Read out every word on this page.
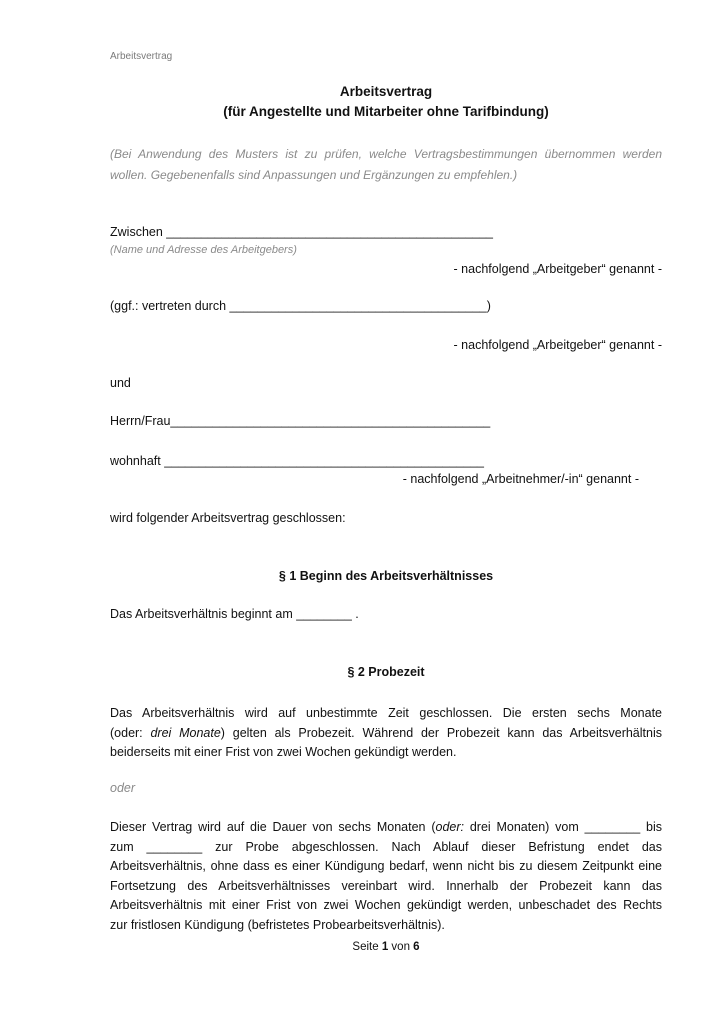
Arbeitsvertrag
Arbeitsvertrag
(für Angestellte und Mitarbeiter ohne Tarifbindung)
(Bei Anwendung des Musters ist zu prüfen, welche Vertragsbestimmungen übernommen werden
wollen. Gegebenenfalls sind Anpassungen und Ergänzungen zu empfehlen.)
Zwischen _______________________________________________
(Name und Adresse des Arbeitgebers)
- nachfolgend „Arbeitgeber“ genannt -
(ggf.: vertreten durch _____________________________________)
- nachfolgend „Arbeitgeber“ genannt -
und
Herrn/Frau______________________________________________
wohnhaft ______________________________________________
- nachfolgend „Arbeitnehmer/-in“ genannt -
wird folgender Arbeitsvertrag geschlossen:
§ 1 Beginn des Arbeitsverhältnisses
Das Arbeitsverhältnis beginnt am ________ .
§ 2 Probezeit
Das Arbeitsverhältnis wird auf unbestimmte Zeit geschlossen. Die ersten sechs Monate
(oder: drei Monate) gelten als Probezeit. Während der Probezeit kann das Arbeitsverhältnis
beiderseits mit einer Frist von zwei Wochen gekündigt werden.
oder
Dieser Vertrag wird auf die Dauer von sechs Monaten (oder: drei Monaten) vom ________ bis
zum ________ zur Probe abgeschlossen. Nach Ablauf dieser Befristung endet das
Arbeitsverhältnis, ohne dass es einer Kündigung bedarf, wenn nicht bis zu diesem Zeitpunkt eine
Fortsetzung des Arbeitsverhältnisses vereinbart wird. Innerhalb der Probezeit kann das
Arbeitsverhältnis mit einer Frist von zwei Wochen gekündigt werden, unbeschadet des Rechts
zur fristlosen Kündigung (befristetes Probearbeitsverhältnis).
Seite 1 von 6
